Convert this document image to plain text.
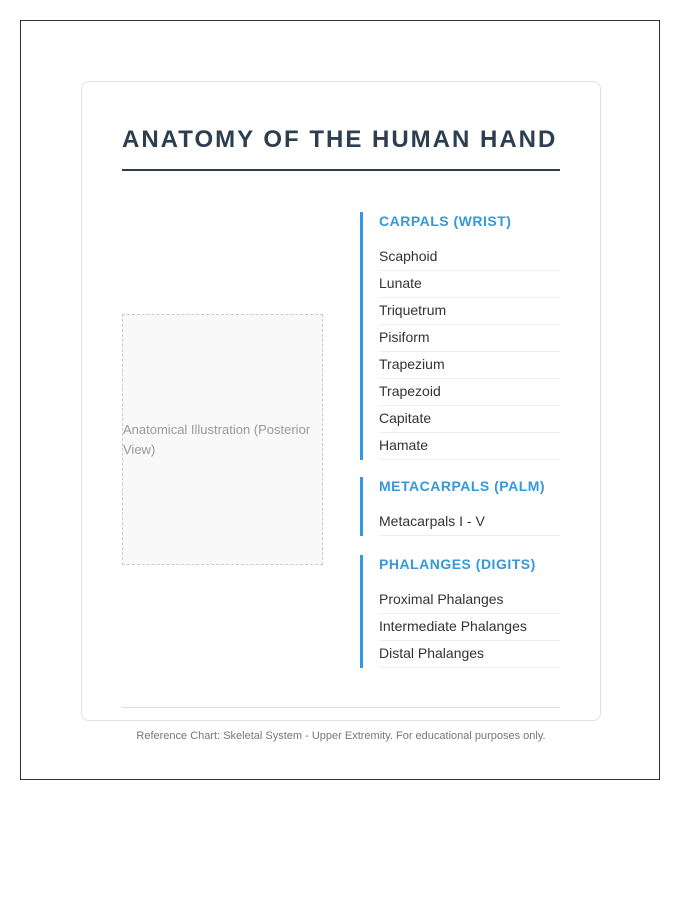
ANATOMY OF THE HUMAN HAND
Anatomical Illustration (Posterior View)
CARPALS (WRIST)
Scaphoid
Lunate
Triquetrum
Pisiform
Trapezium
Trapezoid
Capitate
Hamate
METACARPALS (PALM)
Metacarpals I - V
PHALANGES (DIGITS)
Proximal Phalanges
Intermediate Phalanges
Distal Phalanges
Reference Chart: Skeletal System - Upper Extremity. For educational purposes only.
